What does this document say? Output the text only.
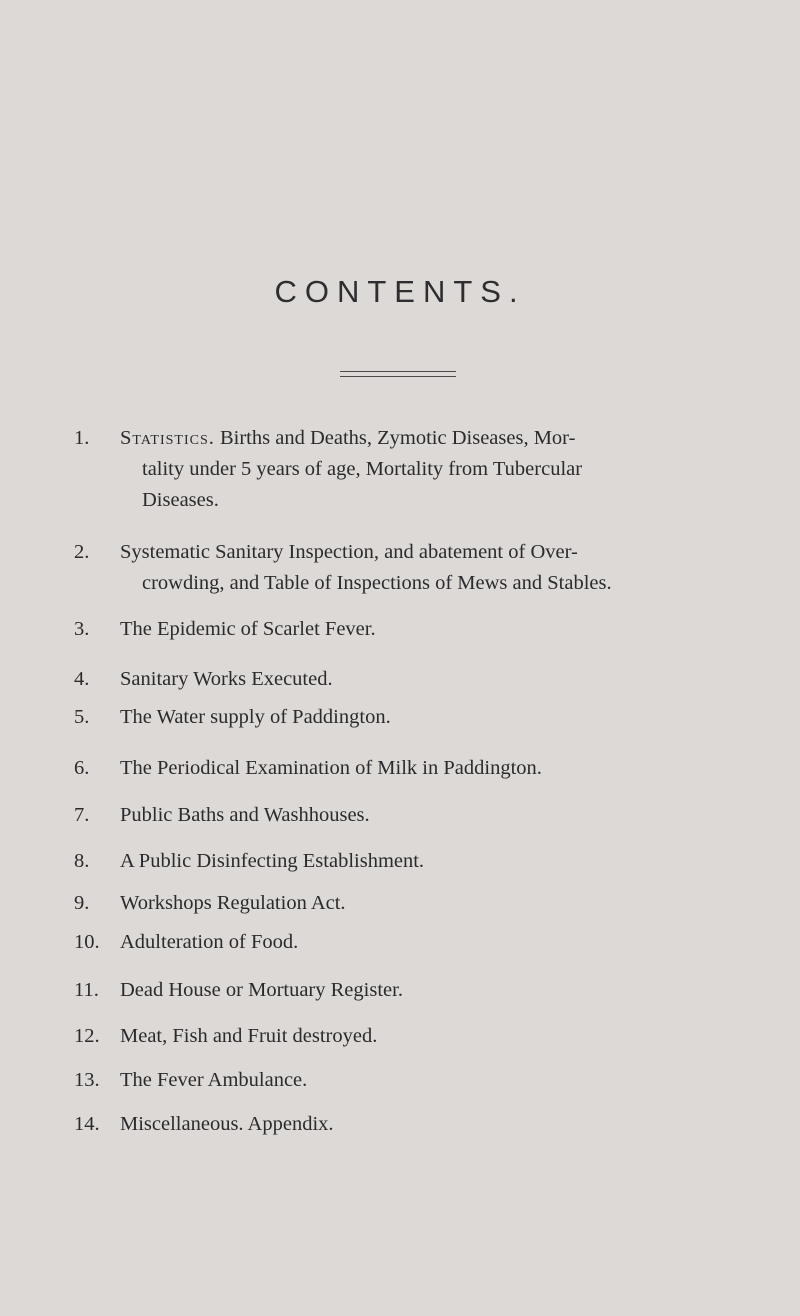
CONTENTS.
1.	Statistics. Births and Deaths, Zymotic Diseases, Mor-
tality under 5 years of age, Mortality from Tubercular
Diseases.
2.	Systematic Sanitary Inspection, and abatement of Over-
crowding, and Table of Inspections of Mews and Stables.
3.	The Epidemic of Scarlet Fever.
4.	Sanitary Works Executed.
5.	The Water supply of Paddington.
6.	The Periodical Examination of Milk in Paddington.
7.	Public Baths and Washhouses.
8.	A Public Disinfecting Establishment.
9.	Workshops Regulation Act.
10. Adulteration of Food.
11.	Dead House or Mortuary Register.
12. Meat, Fish and Fruit destroyed.
13. The Fever Ambulance.
14. Miscellaneous. Appendix.
